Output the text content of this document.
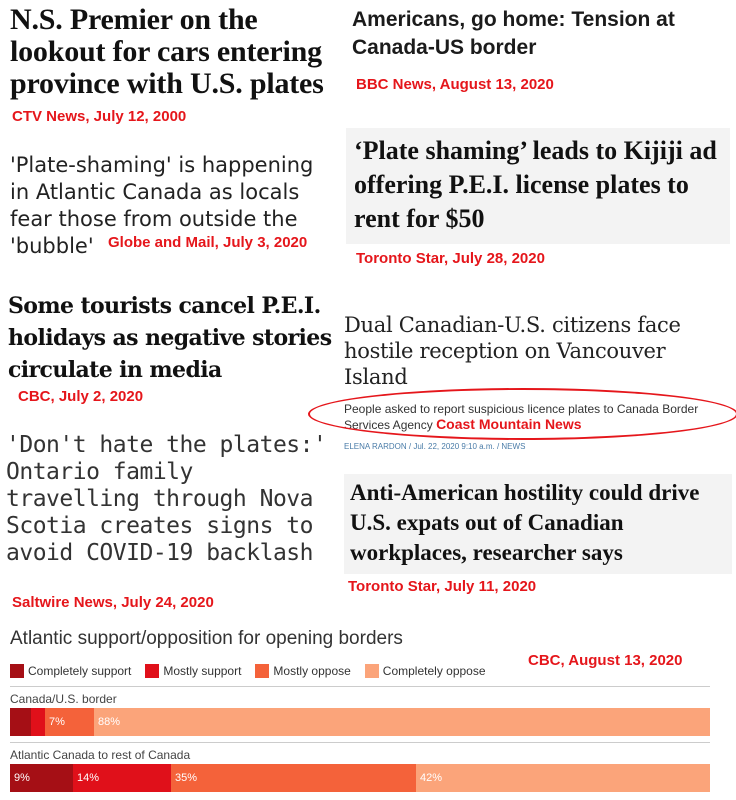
N.S. Premier on the lookout for cars entering province with U.S. plates
CTV News, July 12, 2000
Americans, go home: Tension at Canada-US border
BBC News, August 13, 2020
'Plate-shaming' is happening in Atlantic Canada as locals fear those from outside the 'bubble' Globe and Mail, July 3, 2020
‘Plate shaming’ leads to Kijiji ad offering P.E.I. license plates to rent for $50
Toronto Star, July 28, 2020
Some tourists cancel P.E.I. holidays as negative stories circulate in media
CBC, July 2, 2020
Dual Canadian-U.S. citizens face hostile reception on Vancouver Island
People asked to report suspicious licence plates to Canada Border Services Agency Coast Mountain News
ELENA RARDON / Jul. 22, 2020 9:10 a.m. / NEWS
'Don't hate the plates:' Ontario family travelling through Nova Scotia creates signs to avoid COVID-19 backlash
Saltwire News, July 24, 2020
Anti-American hostility could drive U.S. expats out of Canadian workplaces, researcher says
Toronto Star, July 11, 2020
Atlantic support/opposition for opening borders
CBC, August 13, 2020
Completely support	Mostly support	Mostly oppose	Completely oppose
Canada/U.S. border
7%	88%
Atlantic Canada to rest of Canada
9%	14%	35%	42%
